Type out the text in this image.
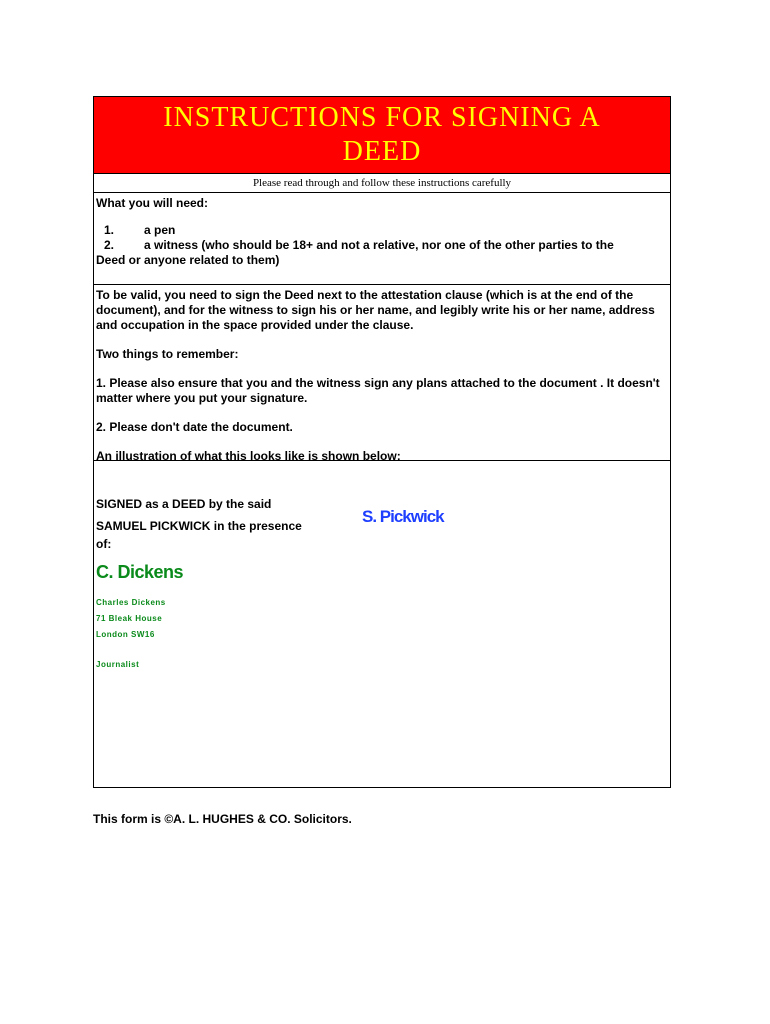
INSTRUCTIONS FOR SIGNING A
DEED
Please read through and follow these instructions carefully
What you will need:
1.	a pen
2.	a witness (who should be 18+ and not a relative, nor one of the other parties to the
Deed or anyone related to them)

To be valid, you need to sign the Deed next to the attestation clause (which is at the end of the document), and for the witness to sign his or her name, and legibly write his or her name, address and occupation in the space provided under the clause.

Two things to remember:

1. Please also ensure that you and the witness sign any plans attached to the document . It doesn't matter where you put your signature.

2. Please don't date the document.

An illustration of what this looks like is shown below:

SIGNED as a DEED by the said
SAMUEL PICKWICK in the presence
of:
S. Pickwick
C. Dickens
Charles Dickens
71 Bleak House
London SW16
Journalist
This form is ©A. L. HUGHES & CO. Solicitors.
